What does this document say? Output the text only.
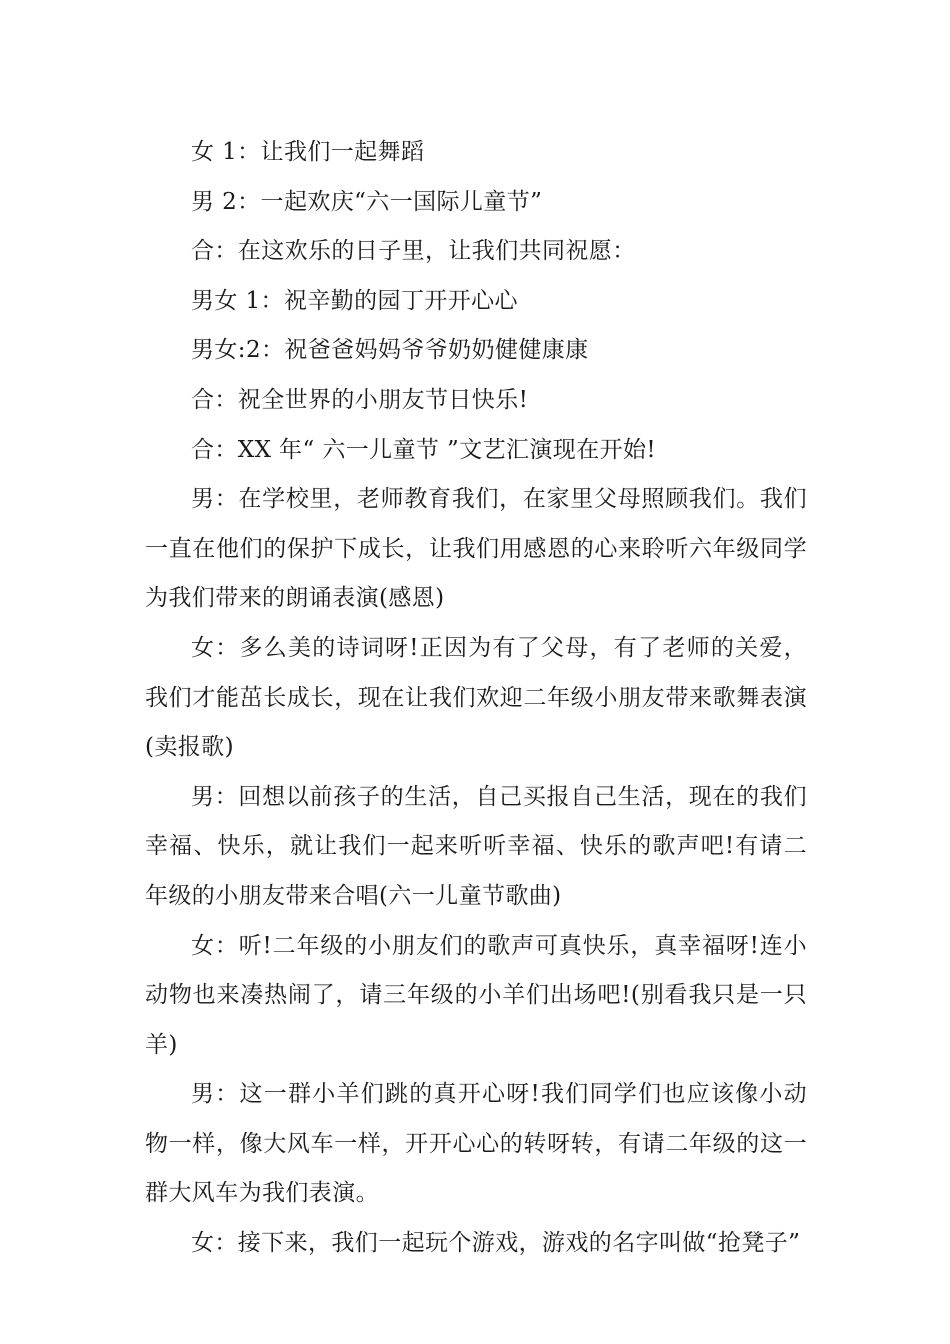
女 1：让我们一起舞蹈

男 2：一起欢庆“六一国际儿童节”

合：在这欢乐的日子里，让我们共同祝愿：

男女 1：祝辛勤的园丁开开心心

男女:2：祝爸爸妈妈爷爷奶奶健健康康

合：祝全世界的小朋友节日快乐!

合：XX 年“ 六一儿童节 ”文艺汇演现在开始!

男：在学校里，老师教育我们，在家里父母照顾我们。我们一直在他们的保护下成长，让我们用感恩的心来聆听六年级同学为我们带来的朗诵表演(感恩)

女：多么美的诗词呀!正因为有了父母，有了老师的关爱，我们才能茁长成长，现在让我们欢迎二年级小朋友带来歌舞表演(卖报歌)

男：回想以前孩子的生活，自己买报自己生活，现在的我们幸福、快乐，就让我们一起来听听幸福、快乐的歌声吧!有请二年级的小朋友带来合唱(六一儿童节歌曲)

女：听!二年级的小朋友们的歌声可真快乐，真幸福呀!连小动物也来凑热闹了，请三年级的小羊们出场吧!(别看我只是一只羊)

男：这一群小羊们跳的真开心呀!我们同学们也应该像小动物一样，像大风车一样，开开心心的转呀转，有请二年级的这一群大风车为我们表演。

女：接下来，我们一起玩个游戏，游戏的名字叫做“抢凳子”
